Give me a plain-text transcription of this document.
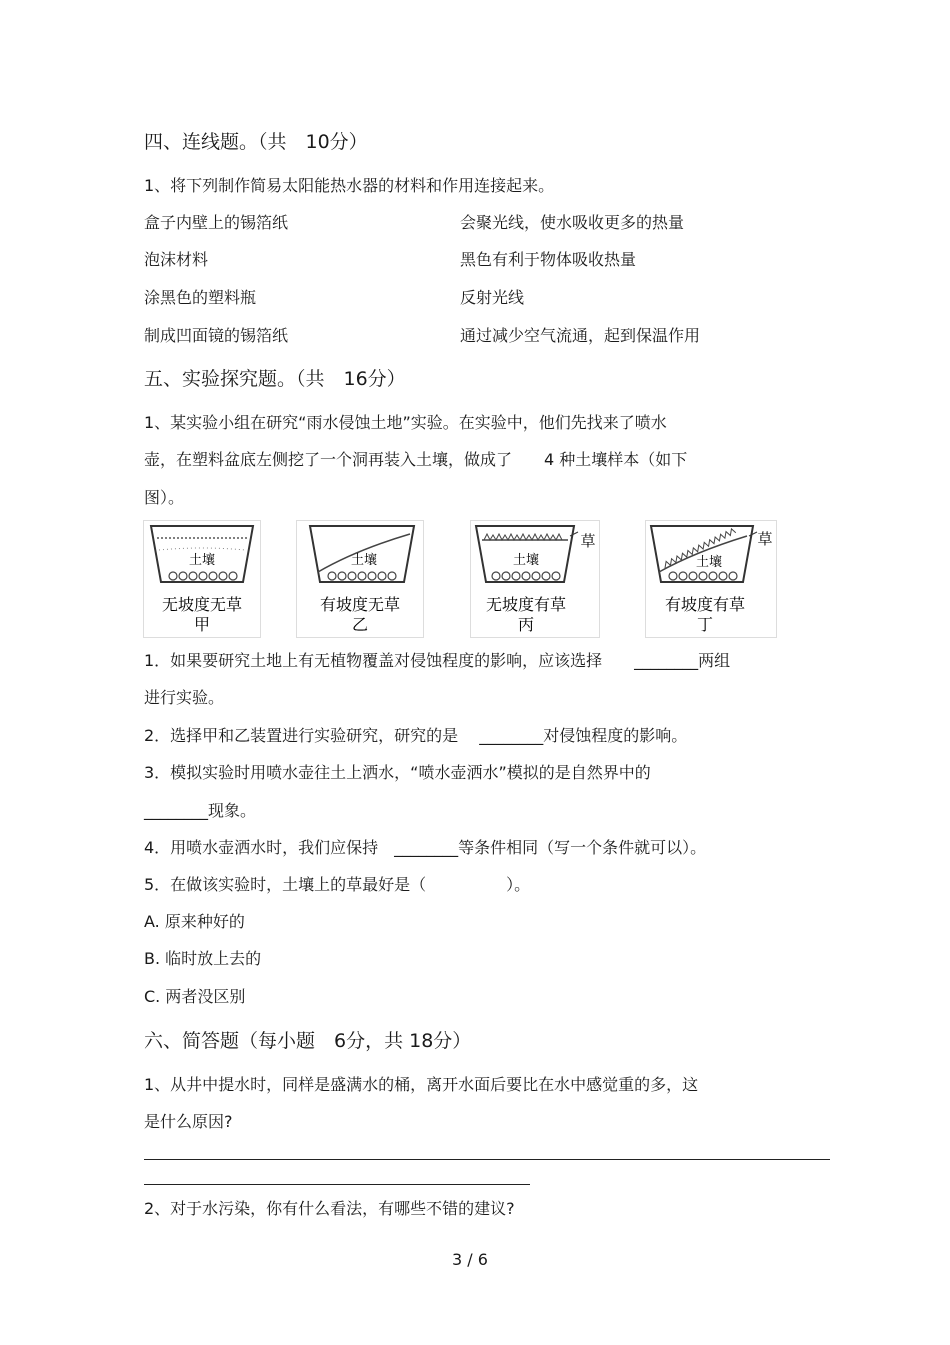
四、连线题。（共　10分）
1、将下列制作简易太阳能热水器的材料和作用连接起来。
盒子内壁上的锡箔纸
泡沫材料
涂黑色的塑料瓶
制成凹面镜的锡箔纸
会聚光线，使水吸收更多的热量
黑色有利于物体吸收热量
反射光线
通过减少空气流通，起到保温作用
五、实验探究题。（共　16分）
1、某实验小组在研究“雨水侵蚀土地”实验。在实验中，他们先找来了喷水
壶，在塑料盆底左侧挖了一个洞再装入土壤，做成了　　4 种土壤样本（如下
图）。
土壤
无坡度无草
甲
土壤
有坡度无草
乙
土壤
草
无坡度有草
丙
土壤
草
有坡度有草
丁
1．如果要研究土地上有无植物覆盖对侵蚀程度的影响，应该选择　　________两组
进行实验。
2．选择甲和乙装置进行实验研究，研究的是　 ________对侵蚀程度的影响。
3．模拟实验时用喷水壶往土上洒水，“喷水壶洒水”模拟的是自然界中的
________现象。
4．用喷水壶洒水时，我们应保持　________等条件相同（写一个条件就可以）。
5．在做该实验时，土壤上的草最好是（　　　　　）。
A. 原来种好的
B. 临时放上去的
C. 两者没区别
六、简答题（每小题　6分，共 18分）
1、从井中提水时，同样是盛满水的桶，离开水面后要比在水中感觉重的多，这
是什么原因?
2、对于水污染，你有什么看法，有哪些不错的建议?
3 / 6
